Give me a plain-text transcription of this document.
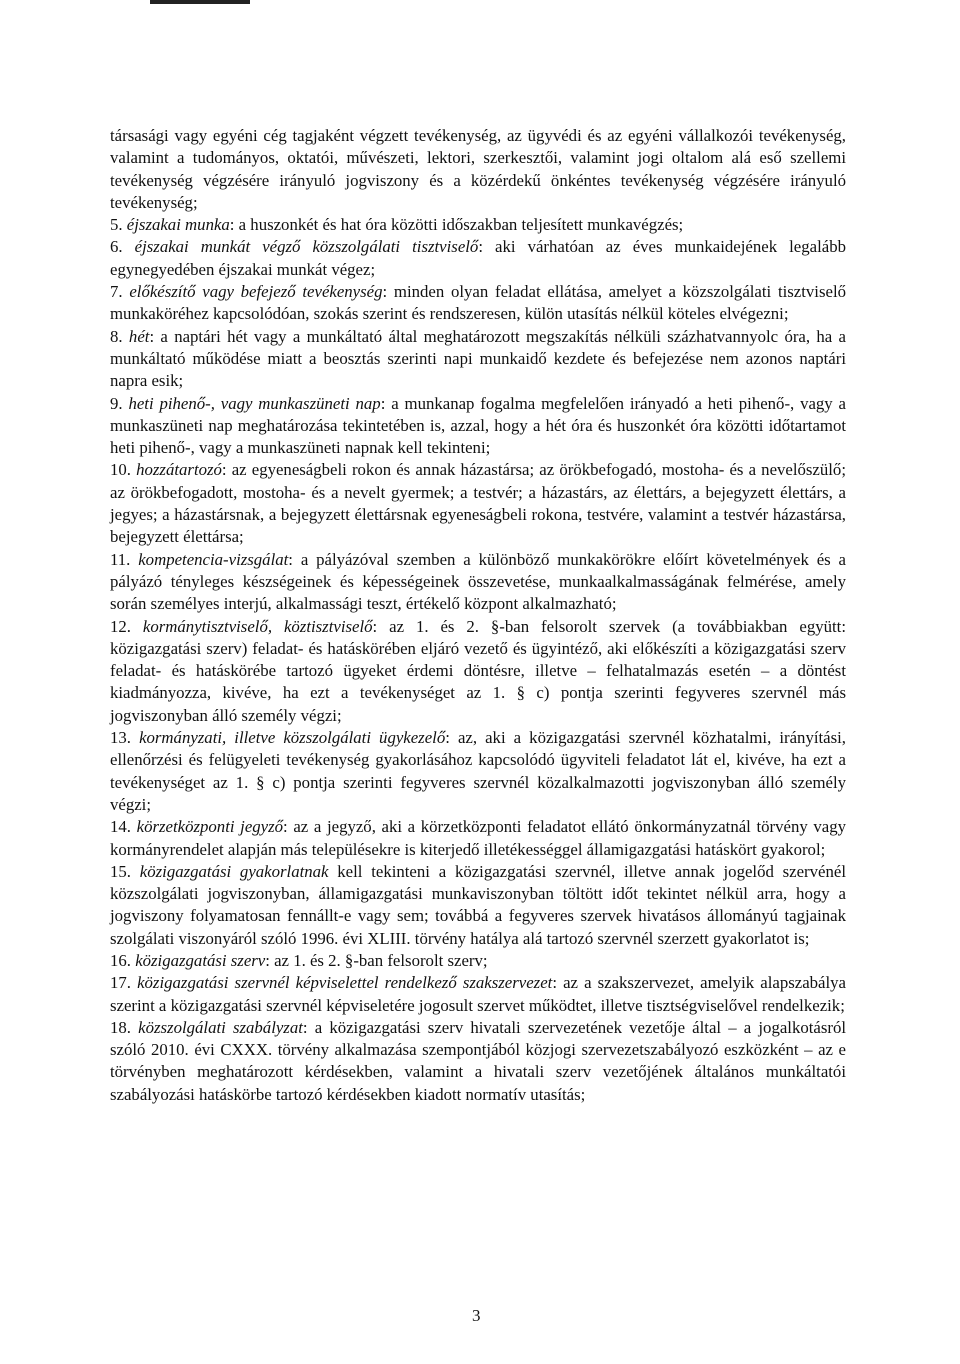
társasági vagy egyéni cég tagjaként végzett tevékenység, az ügyvédi és az egyéni vállalkozói tevékenység, valamint a tudományos, oktatói, művészeti, lektori, szerkesztői, valamint jogi oltalom alá eső szellemi tevékenység végzésére irányuló jogviszony és a közérdekű önkéntes tevékenység végzésére irányuló tevékenység;

5. éjszakai munka: a huszonkét és hat óra közötti időszakban teljesített munkavégzés;

6. éjszakai munkát végző közszolgálati tisztviselő: aki várhatóan az éves munkaidejének legalább egynegyedében éjszakai munkát végez;

7. előkészítő vagy befejező tevékenység: minden olyan feladat ellátása, amelyet a közszolgálati tisztviselő munkaköréhez kapcsolódóan, szokás szerint és rendszeresen, külön utasítás nélkül köteles elvégezni;

8. hét: a naptári hét vagy a munkáltató által meghatározott megszakítás nélküli százhatvannyolc óra, ha a munkáltató működése miatt a beosztás szerinti napi munkaidő kezdete és befejezése nem azonos naptári napra esik;

9. heti pihenő-, vagy munkaszüneti nap: a munkanap fogalma megfelelően irányadó a heti pihenő-, vagy a munkaszüneti nap meghatározása tekintetében is, azzal, hogy a hét óra és huszonkét óra közötti időtartamot heti pihenő-, vagy a munkaszüneti napnak kell tekinteni;

10. hozzátartozó: az egyeneságbeli rokon és annak házastársa; az örökbefogadó, mostoha- és a nevelőszülő; az örökbefogadott, mostoha- és a nevelt gyermek; a testvér; a házastárs, az élettárs, a bejegyzett élettárs, a jegyes; a házastársnak, a bejegyzett élettársnak egyeneságbeli rokona, testvére, valamint a testvér házastársa, bejegyzett élettársa;

11. kompetencia-vizsgálat: a pályázóval szemben a különböző munkakörökre előírt követelmények és a pályázó tényleges készségeinek és képességeinek összevetése, munkaalkalmasságának felmérése, amely során személyes interjú, alkalmassági teszt, értékelő központ alkalmazható;

12. kormánytisztviselő, köztisztviselő: az 1. és 2. §-ban felsorolt szervek (a továbbiakban együtt: közigazgatási szerv) feladat- és hatáskörében eljáró vezető és ügyintéző, aki előkészíti a közigazgatási szerv feladat- és hatáskörébe tartozó ügyeket érdemi döntésre, illetve – felhatalmazás esetén – a döntést kiadmányozza, kivéve, ha ezt a tevékenységet az 1. § c) pontja szerinti fegyveres szervnél más jogviszonyban álló személy végzi;

13. kormányzati, illetve közszolgálati ügykezelő: az, aki a közigazgatási szervnél közhatalmi, irányítási, ellenőrzési és felügyeleti tevékenység gyakorlásához kapcsolódó ügyviteli feladatot lát el, kivéve, ha ezt a tevékenységet az 1. § c) pontja szerinti fegyveres szervnél közalkalmazotti jogviszonyban álló személy végzi;

14. körzetközponti jegyző: az a jegyző, aki a körzetközponti feladatot ellátó önkormányzatnál törvény vagy kormányrendelet alapján más településekre is kiterjedő illetékességgel államigazgatási hatáskört gyakorol;

15. közigazgatási gyakorlatnak kell tekinteni a közigazgatási szervnél, illetve annak jogelőd szervénél közszolgálati jogviszonyban, államigazgatási munkaviszonyban töltött időt tekintet nélkül arra, hogy a jogviszony folyamatosan fennállt-e vagy sem; továbbá a fegyveres szervek hivatásos állományú tagjainak szolgálati viszonyáról szóló 1996. évi XLIII. törvény hatálya alá tartozó szervnél szerzett gyakorlatot is;

16. közigazgatási szerv: az 1. és 2. §-ban felsorolt szerv;

17. közigazgatási szervnél képviselettel rendelkező szakszervezet: az a szakszervezet, amelyik alapszabálya szerint a közigazgatási szervnél képviseletére jogosult szervet működtet, illetve tisztségviselővel rendelkezik;

18. közszolgálati szabályzat: a közigazgatási szerv hivatali szervezetének vezetője által – a jogalkotásról szóló 2010. évi CXXX. törvény alkalmazása szempontjából közjogi szervezetszabályozó eszközként – az e törvényben meghatározott kérdésekben, valamint a hivatali szerv vezetőjének általános munkáltatói szabályozási hatáskörbe tartozó kérdésekben kiadott normatív utasítás;

3
